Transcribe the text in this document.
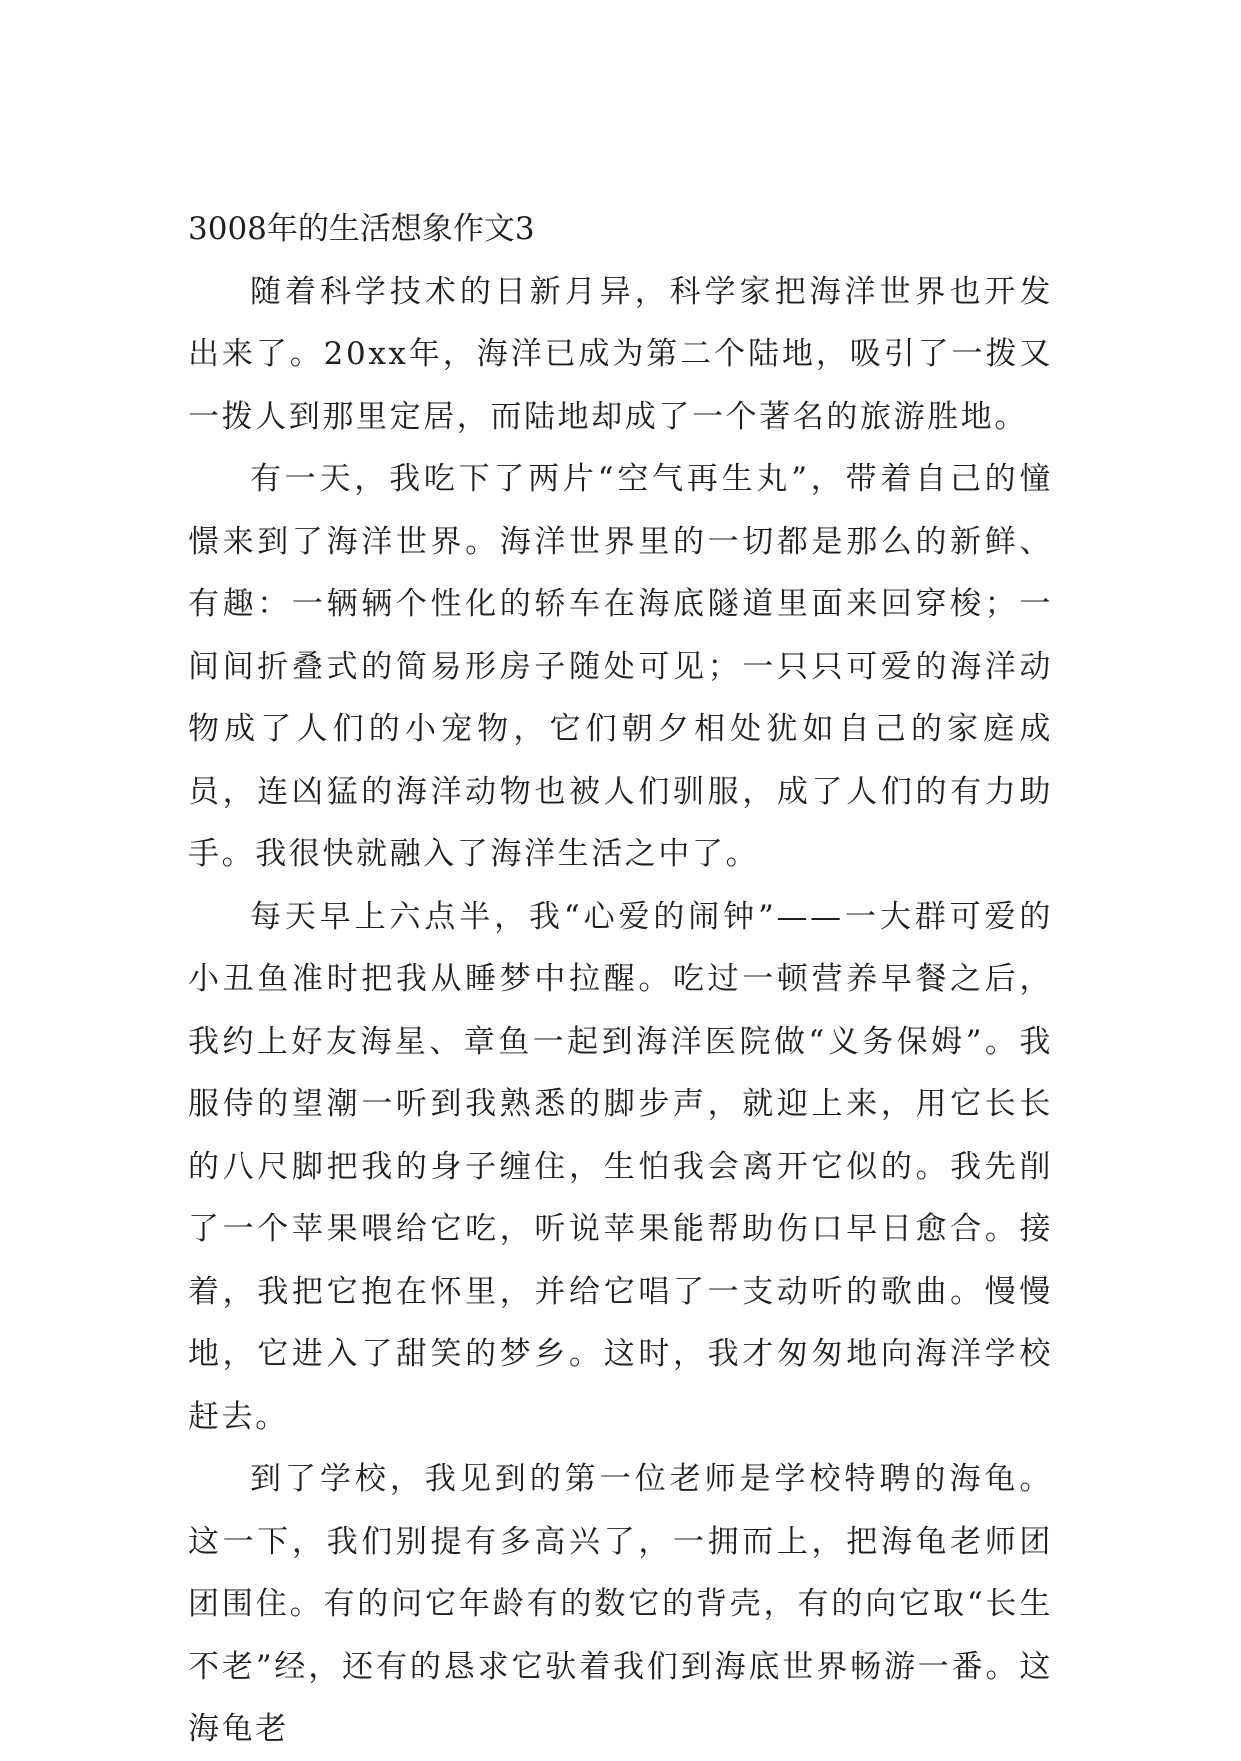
3008年的生活想象作文3

随着科学技术的日新月异，科学家把海洋世界也开发出来了。20xx年，海洋已成为第二个陆地，吸引了一拨又一拨人到那里定居，而陆地却成了一个著名的旅游胜地。

有一天，我吃下了两片“空气再生丸”，带着自己的憧憬来到了海洋世界。海洋世界里的一切都是那么的新鲜、有趣：一辆辆个性化的轿车在海底隧道里面来回穿梭；一间间折叠式的简易形房子随处可见；一只只可爱的海洋动物成了人们的小宠物，它们朝夕相处犹如自己的家庭成员，连凶猛的海洋动物也被人们驯服，成了人们的有力助手。我很快就融入了海洋生活之中了。

每天早上六点半，我“心爱的闹钟”——一大群可爱的小丑鱼准时把我从睡梦中拉醒。吃过一顿营养早餐之后，我约上好友海星、章鱼一起到海洋医院做“义务保姆”。我服侍的望潮一听到我熟悉的脚步声，就迎上来，用它长长的八尺脚把我的身子缠住，生怕我会离开它似的。我先削了一个苹果喂给它吃，听说苹果能帮助伤口早日愈合。接着，我把它抱在怀里，并给它唱了一支动听的歌曲。慢慢地，它进入了甜笑的梦乡。这时，我才匆匆地向海洋学校赶去。

到了学校，我见到的第一位老师是学校特聘的海龟。这一下，我们别提有多高兴了，一拥而上，把海龟老师团团围住。有的问它年龄有的数它的背壳，有的向它取“长生不老”经，还有的恳求它驮着我们到海底世界畅游一番。这海龟老
